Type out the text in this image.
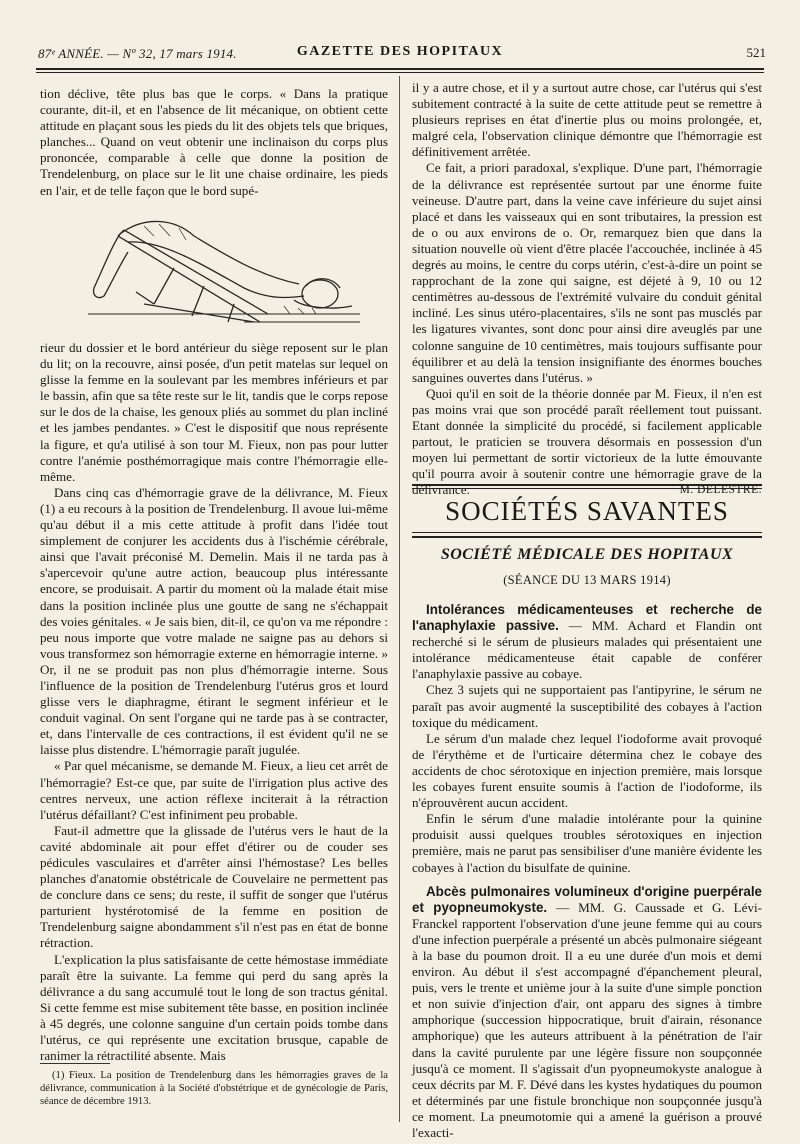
87ᵉ ANNÉE. — Nº 32, 17 mars 1914.	GAZETTE DES HOPITAUX	521

tion déclive, tête plus bas que le corps. « Dans la pratique courante, dit-il, et en l'absence de lit mécanique, on obtient cette attitude en plaçant sous les pieds du lit des objets tels que briques, planches... Quand on veut obtenir une inclinaison du corps plus prononcée, comparable à celle que donne la position de Trendelenburg, on place sur le lit une chaise ordinaire, les pieds en l'air, et de telle façon que le bord supé-

rieur du dossier et le bord antérieur du siège reposent sur le plan du lit; on la recouvre, ainsi posée, d'un petit matelas sur lequel on glisse la femme en la soulevant par les membres inférieurs et par le bassin, afin que sa tête reste sur le lit, tandis que le corps repose sur le dos de la chaise, les genoux pliés au sommet du plan incliné et les jambes pendantes. » C'est le dispositif que nous représente la figure, et qu'a utilisé à son tour M. Fieux, non pas pour lutter contre l'anémie posthémorragique mais contre l'hémorragie elle-même.

Dans cinq cas d'hémorragie grave de la délivrance, M. Fieux (1) a eu recours à la position de Trendelenburg. Il avoue lui-même qu'au début il a mis cette attitude à profit dans l'idée tout simplement de conjurer les accidents dus à l'ischémie cérébrale, ainsi que l'avait préconisé M. Demelin. Mais il ne tarda pas à s'apercevoir qu'une autre action, beaucoup plus intéressante encore, se produisait. A partir du moment où la malade était mise dans la position inclinée plus une goutte de sang ne s'échappait des voies génitales. « Je sais bien, dit-il, ce qu'on va me répondre : peu nous importe que votre malade ne saigne pas au dehors si vous transformez son hémorragie externe en hémorragie interne. » Or, il ne se produit pas non plus d'hémorragie interne. Sous l'influence de la position de Trendelenburg l'utérus gros et lourd glisse vers le diaphragme, étirant le segment inférieur et le conduit vaginal. On sent l'organe qui ne tarde pas à se contracter, et, dans l'intervalle de ces contractions, il est évident qu'il ne se laisse plus distendre. L'hémorragie paraît jugulée.

« Par quel mécanisme, se demande M. Fieux, a lieu cet arrêt de l'hémorragie? Est-ce que, par suite de l'irrigation plus active des centres nerveux, une action réflexe inciterait à la rétraction l'utérus défaillant? C'est infiniment peu probable.

Faut-il admettre que la glissade de l'utérus vers le haut de la cavité abdominale ait pour effet d'étirer ou de couder ses pédicules vasculaires et d'arrêter ainsi l'hémostase? Les belles planches d'anatomie obstétricale de Couvelaire ne permettent pas de conclure dans ce sens; du reste, il suffit de songer que l'utérus parturient hystérotomisé de la femme en position de Trendelenburg saigne abondamment s'il n'est pas en état de bonne rétraction.

L'explication la plus satisfaisante de cette hémostase immédiate paraît être la suivante. La femme qui perd du sang après la délivrance a du sang accumulé tout le long de son tractus génital. Si cette femme est mise subitement tête basse, en position inclinée à 45 degrés, une colonne sanguine d'un certain poids tombe dans l'utérus, ce qui représente une excitation brusque, capable de ranimer la rétractilité absente. Mais

(1) Fieux. La position de Trendelenburg dans les hémorragies graves de la délivrance, communication à la Société d'obstétrique et de gynécologie de Paris, séance de décembre 1913.

il y a autre chose, et il y a surtout autre chose, car l'utérus qui s'est subitement contracté à la suite de cette attitude peut se remettre à plusieurs reprises en état d'inertie plus ou moins prolongée, et, malgré cela, l'observation clinique démontre que l'hémorragie est définitivement arrêtée.

Ce fait, a priori paradoxal, s'explique. D'une part, l'hémorragie de la délivrance est représentée surtout par une énorme fuite veineuse. D'autre part, dans la veine cave inférieure du sujet ainsi placé et dans les vaisseaux qui en sont tributaires, la pression est de o ou aux environs de o. Or, remarquez bien que dans la situation nouvelle où vient d'être placée l'accouchée, inclinée à 45 degrés au moins, le centre du corps utérin, c'est-à-dire un point se rapprochant de la zone qui saigne, est déjeté à 9, 10 ou 12 centimètres au-dessous de l'extrémité vulvaire du conduit génital incliné. Les sinus utéro-placentaires, s'ils ne sont pas musclés par les ligatures vivantes, sont donc pour ainsi dire aveuglés par une colonne sanguine de 10 centimètres, mais toujours suffisante pour équilibrer et au delà la tension insignifiante des énormes bouches sanguines ouvertes dans l'utérus. »

Quoi qu'il en soit de la théorie donnée par M. Fieux, il n'en est pas moins vrai que son procédé paraît réellement tout puissant. Etant donnée la simplicité du procédé, si facilement applicable partout, le praticien se trouvera désormais en possession d'un moyen lui permettant de sortir victorieux de la lutte émouvante qu'il pourra avoir à soutenir contre une hémorragie grave de la délivrance.	M. DELESTRE.

SOCIÉTÉS SAVANTES
SOCIÉTÉ MÉDICALE DES HOPITAUX
(SÉANCE DU 13 MARS 1914)

Intolérances médicamenteuses et recherche de l'anaphylaxie passive. — MM. Achard et Flandin ont recherché si le sérum de plusieurs malades qui présentaient une intolérance médicamenteuse était capable de conférer l'anaphylaxie passive au cobaye.

Chez 3 sujets qui ne supportaient pas l'antipyrine, le sérum ne paraît pas avoir augmenté la susceptibilité des cobayes à l'action toxique du médicament.

Le sérum d'un malade chez lequel l'iodoforme avait provoqué de l'érythème et de l'urticaire détermina chez le cobaye des accidents de choc sérotoxique en injection première, mais lorsque les cobayes furent ensuite soumis à l'action de l'iodoforme, ils n'éprouvèrent aucun accident.

Enfin le sérum d'une maladie intolérante pour la quinine produisit aussi quelques troubles sérotoxiques en injection première, mais ne parut pas sensibiliser d'une manière évidente les cobayes à l'action du bisulfate de quinine.

Abcès pulmonaires volumineux d'origine puerpérale et pyopneumokyste. — MM. G. Caussade et G. Lévi-Franckel rapportent l'observation d'une jeune femme qui au cours d'une infection puerpérale a présenté un abcès pulmonaire siégeant à la base du poumon droit. Il a eu une durée d'un mois et demi environ. Au début il s'est accompagné d'épanchement pleural, puis, vers le trente et unième jour à la suite d'une simple ponction et non suivie d'injection d'air, ont apparu des signes à timbre amphorique (succession hippocratique, bruit d'airain, résonance amphorique) que les auteurs attribuent à la pénétration de l'air dans la cavité purulente par une légère fissure non soupçonnée jusqu'à ce moment. Il s'agissait d'un pyopneumokyste analogue à ceux décrits par M. F. Dévé dans les kystes hydatiques du poumon et déterminés par une fistule bronchique non soupçonnée jusqu'à ce moment. La pneumotomie qui a amené la guérison a prouvé l'exacti-
